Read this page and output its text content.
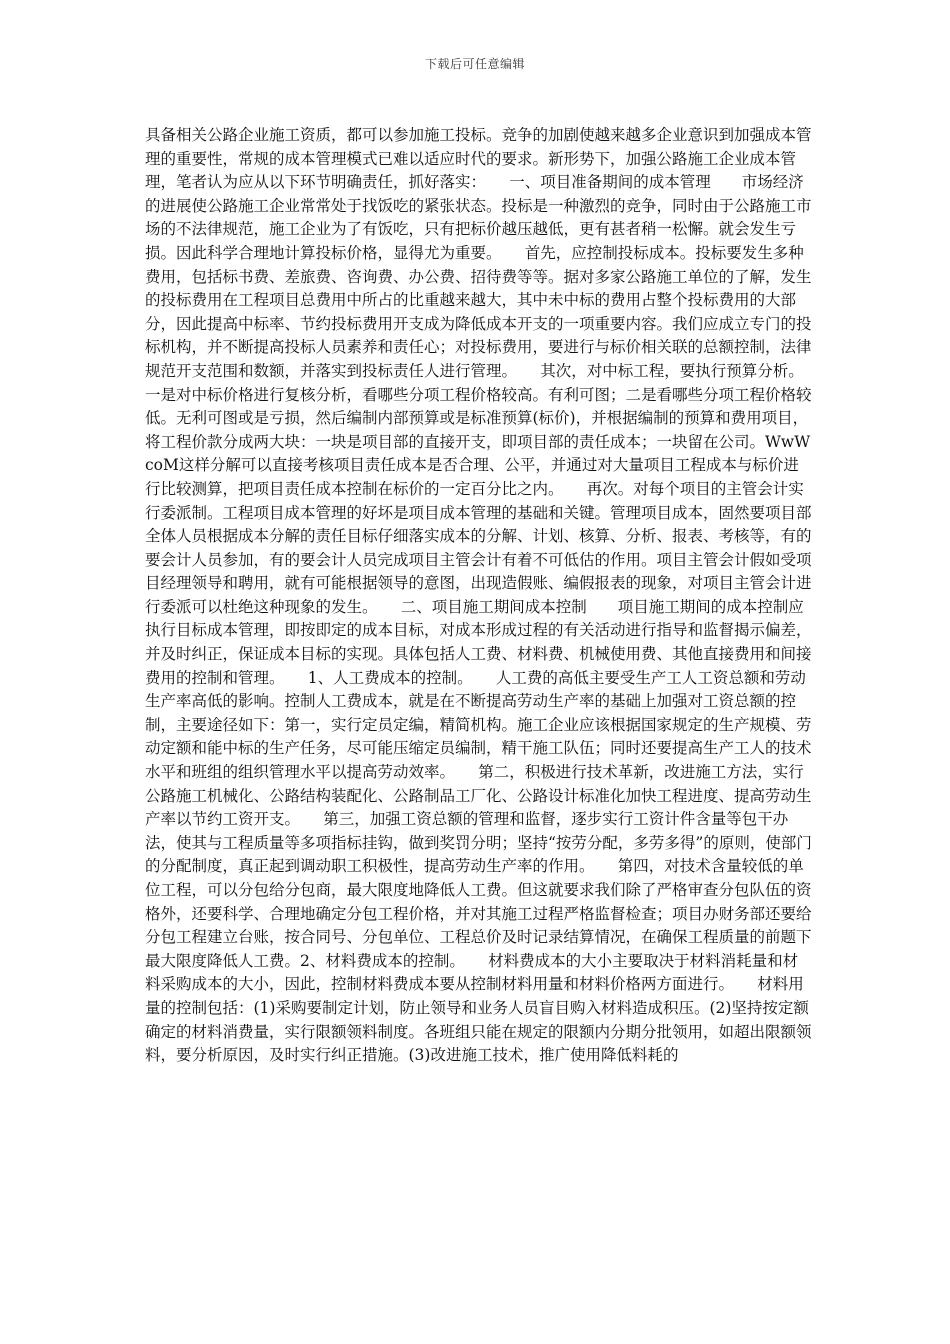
下载后可任意编辑

具备相关公路企业施工资质，都可以参加施工投标。竞争的加剧使越来越多企业意识到加强成本管理的重要性，常规的成本管理模式已难以适应时代的要求。新形势下，加强公路施工企业成本管理，笔者认为应从以下环节明确责任，抓好落实：　　一、项目准备期间的成本管理　　市场经济的进展使公路施工企业常常处于找饭吃的紧张状态。投标是一种激烈的竞争，同时由于公路施工市场的不法律规范，施工企业为了有饭吃，只有把标价越压越低，更有甚者稍一松懈。就会发生亏损。因此科学合理地计算投标价格，显得尤为重要。　　首先，应控制投标成本。投标要发生多种费用，包括标书费、差旅费、咨询费、办公费、招待费等等。据对多家公路施工单位的了解，发生的投标费用在工程项目总费用中所占的比重越来越大，其中未中标的费用占整个投标费用的大部分，因此提高中标率、节约投标费用开支成为降低成本开支的一项重要内容。我们应成立专门的投标机构，并不断提高投标人员素养和责任心；对投标费用，要进行与标价相关联的总额控制，法律规范开支范围和数额，并落实到投标责任人进行管理。　　其次，对中标工程，要执行预算分析。一是对中标价格进行复核分析，看哪些分项工程价格较高。有利可图；二是看哪些分项工程价格较低。无利可图或是亏损，然后编制内部预算或是标准预算(标价)，并根据编制的预算和费用项目，将工程价款分成两大块：一块是项目部的直接开支，即项目部的责任成本；一块留在公司。WwWcoM这样分解可以直接考核项目责任成本是否合理、公平，并通过对大量项目工程成本与标价进行比较测算，把项目责任成本控制在标价的一定百分比之内。　　再次。对每个项目的主管会计实行委派制。工程项目成本管理的好坏是项目成本管理的基础和关键。管理项目成本，固然要项目部全体人员根据成本分解的责任目标仔细落实成本的分解、计划、核算、分析、报表、考核等，有的要会计人员参加，有的要会计人员完成项目主管会计有着不可低估的作用。项目主管会计假如受项目经理领导和聘用，就有可能根据领导的意图，出现造假账、编假报表的现象，对项目主管会计进行委派可以杜绝这种现象的发生。　　二、项目施工期间成本控制　　项目施工期间的成本控制应执行目标成本管理，即按即定的成本目标，对成本形成过程的有关活动进行指导和监督揭示偏差，并及时纠正，保证成本目标的实现。具体包括人工费、材料费、机械使用费、其他直接费用和间接费用的控制和管理。　　1、人工费成本的控制。　　人工费的高低主要受生产工人工资总额和劳动生产率高低的影响。控制人工费成本，就是在不断提高劳动生产率的基础上加强对工资总额的控制，主要途径如下：第一，实行定员定编，精简机构。施工企业应该根据国家规定的生产规模、劳动定额和能中标的生产任务，尽可能压缩定员编制，精干施工队伍；同时还要提高生产工人的技术水平和班组的组织管理水平以提高劳动效率。　　第二，积极进行技术革新，改进施工方法，实行公路施工机械化、公路结构装配化、公路制品工厂化、公路设计标准化加快工程进度、提高劳动生产率以节约工资开支。　　第三，加强工资总额的管理和监督，逐步实行工资计件含量等包干办法，使其与工程质量等多项指标挂钩，做到奖罚分明；坚持“按劳分配，多劳多得”的原则，使部门的分配制度，真正起到调动职工积极性，提高劳动生产率的作用。　　第四，对技术含量较低的单位工程，可以分包给分包商，最大限度地降低人工费。但这就要求我们除了严格审查分包队伍的资格外，还要科学、合理地确定分包工程价格，并对其施工过程严格监督检查；项目办财务部还要给分包工程建立台账，按合同号、分包单位、工程总价及时记录结算情况，在确保工程质量的前题下最大限度降低人工费。2、材料费成本的控制。　　材料费成本的大小主要取决于材料消耗量和材料采购成本的大小，因此，控制材料费成本要从控制材料用量和材料价格两方面进行。　　材料用量的控制包括：(1)采购要制定计划，防止领导和业务人员盲目购入材料造成积压。(2)坚持按定额确定的材料消费量，实行限额领料制度。各班组只能在规定的限额内分期分批领用，如超出限额领料，要分析原因，及时实行纠正措施。(3)改进施工技术，推广使用降低料耗的
